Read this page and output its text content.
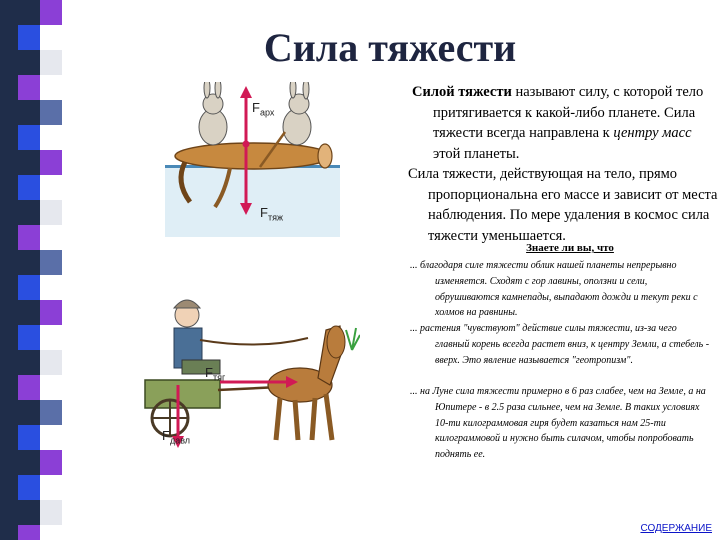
Сила тяжести
$F_{арх}$
$F_{тяж}$
$F_{тяг}$
$F_{давл}$
Силой тяжести называют силу, с которой тело притягивается к какой-либо планете. Сила тяжести всегда направлена к центру масс этой планеты.
Сила тяжести, действующая на тело, прямо пропорциональна его массе и зависит от места наблюдения. По мере удаления в космос сила тяжести уменьшается.
Знаете ли вы, что
... благодаря силе тяжести облик нашей планеты непрерывно изменяется. Сходят с гор лавины, оползни и сели, обрушиваются камнепады, выпадают дожди и текут реки с холмов на равнины.
... растения "чувствуют" действие силы тяжести, из-за чего главный корень всегда растет вниз, к центру Земли, а стебель - вверх. Это явление называется "геотропизм".
... на Луне сила тяжести примерно в 6 раз слабее, чем на Земле, а на Юпитере - в 2.5 раза сильнее, чем на Земле. В таких условиях 10-ти килограммовая гиря будет казаться нам 25-ти килограммовой и нужно быть силачом, чтобы попробовать поднять ее.
СОДЕРЖАНИЕ
